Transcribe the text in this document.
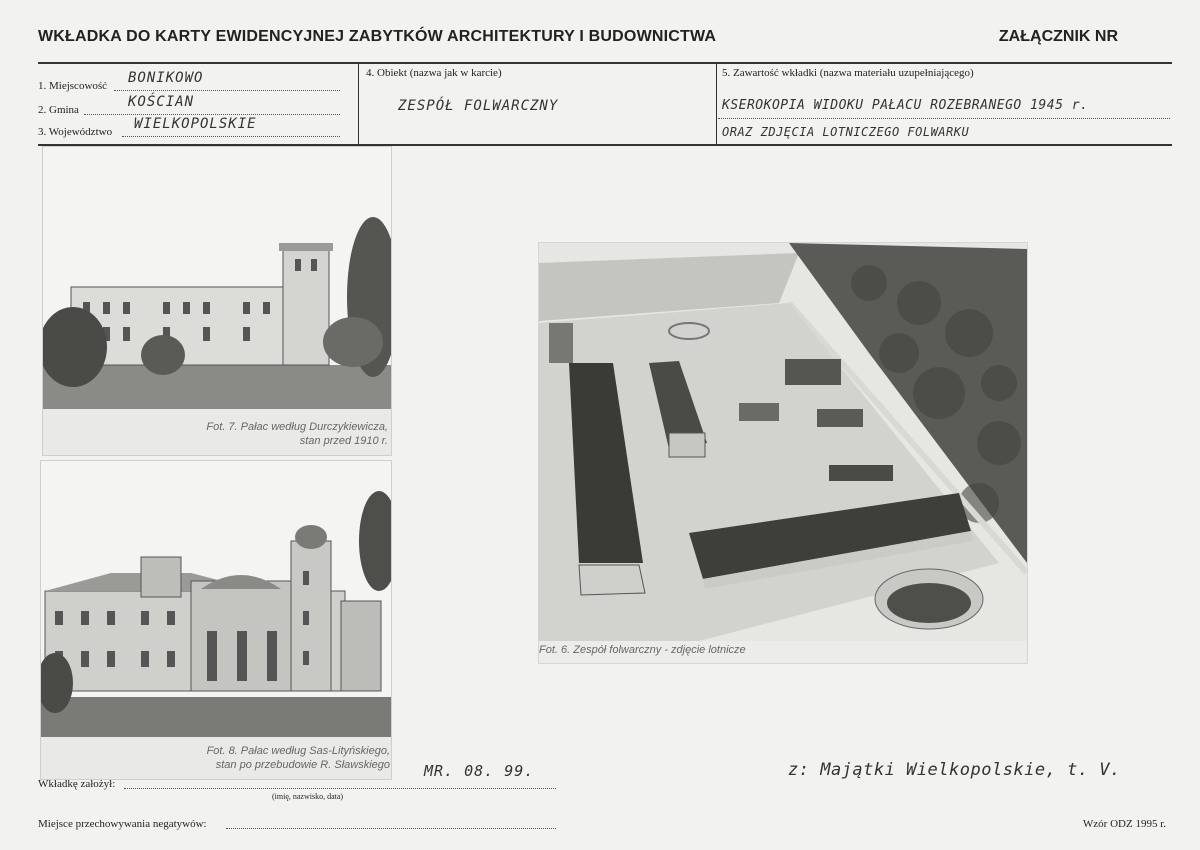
WKŁADKA DO KARTY EWIDENCYJNEJ ZABYTKÓW ARCHITEKTURY I BUDOWNICTWA	ZAŁĄCZNIK NR
1. Miejscowość BONIKOWO
2. Gmina	KOŚCIAN
3. Województwo WIELKOPOLSKIE
4. Obiekt (nazwa jak w karcie)
ZESPÓŁ FOLWARCZNY
5. Zawartość wkładki (nazwa materiału uzupełniającego)
KSEROKOPIA WIDOKU PAŁACU ROZEBRANEGO 1945 r.
ORAZ ZDJĘCIA LOTNICZEGO FOLWARKU
Fot. 7. Pałac według Durczykiewicza,
stan przed 1910 r.
Fot. 8. Pałac według Sas-Lityńskiego,
stan po przebudowie R. Sławskiego
Fot. 6. Zespół folwarczny - zdjęcie lotnicze
Wkładkę założył:
MR. 08. 99.
(imię, nazwisko, data)
z: Majątki Wielkopolskie, t. V.
Miejsce przechowywania negatywów:	Wzór ODZ 1995 r.
